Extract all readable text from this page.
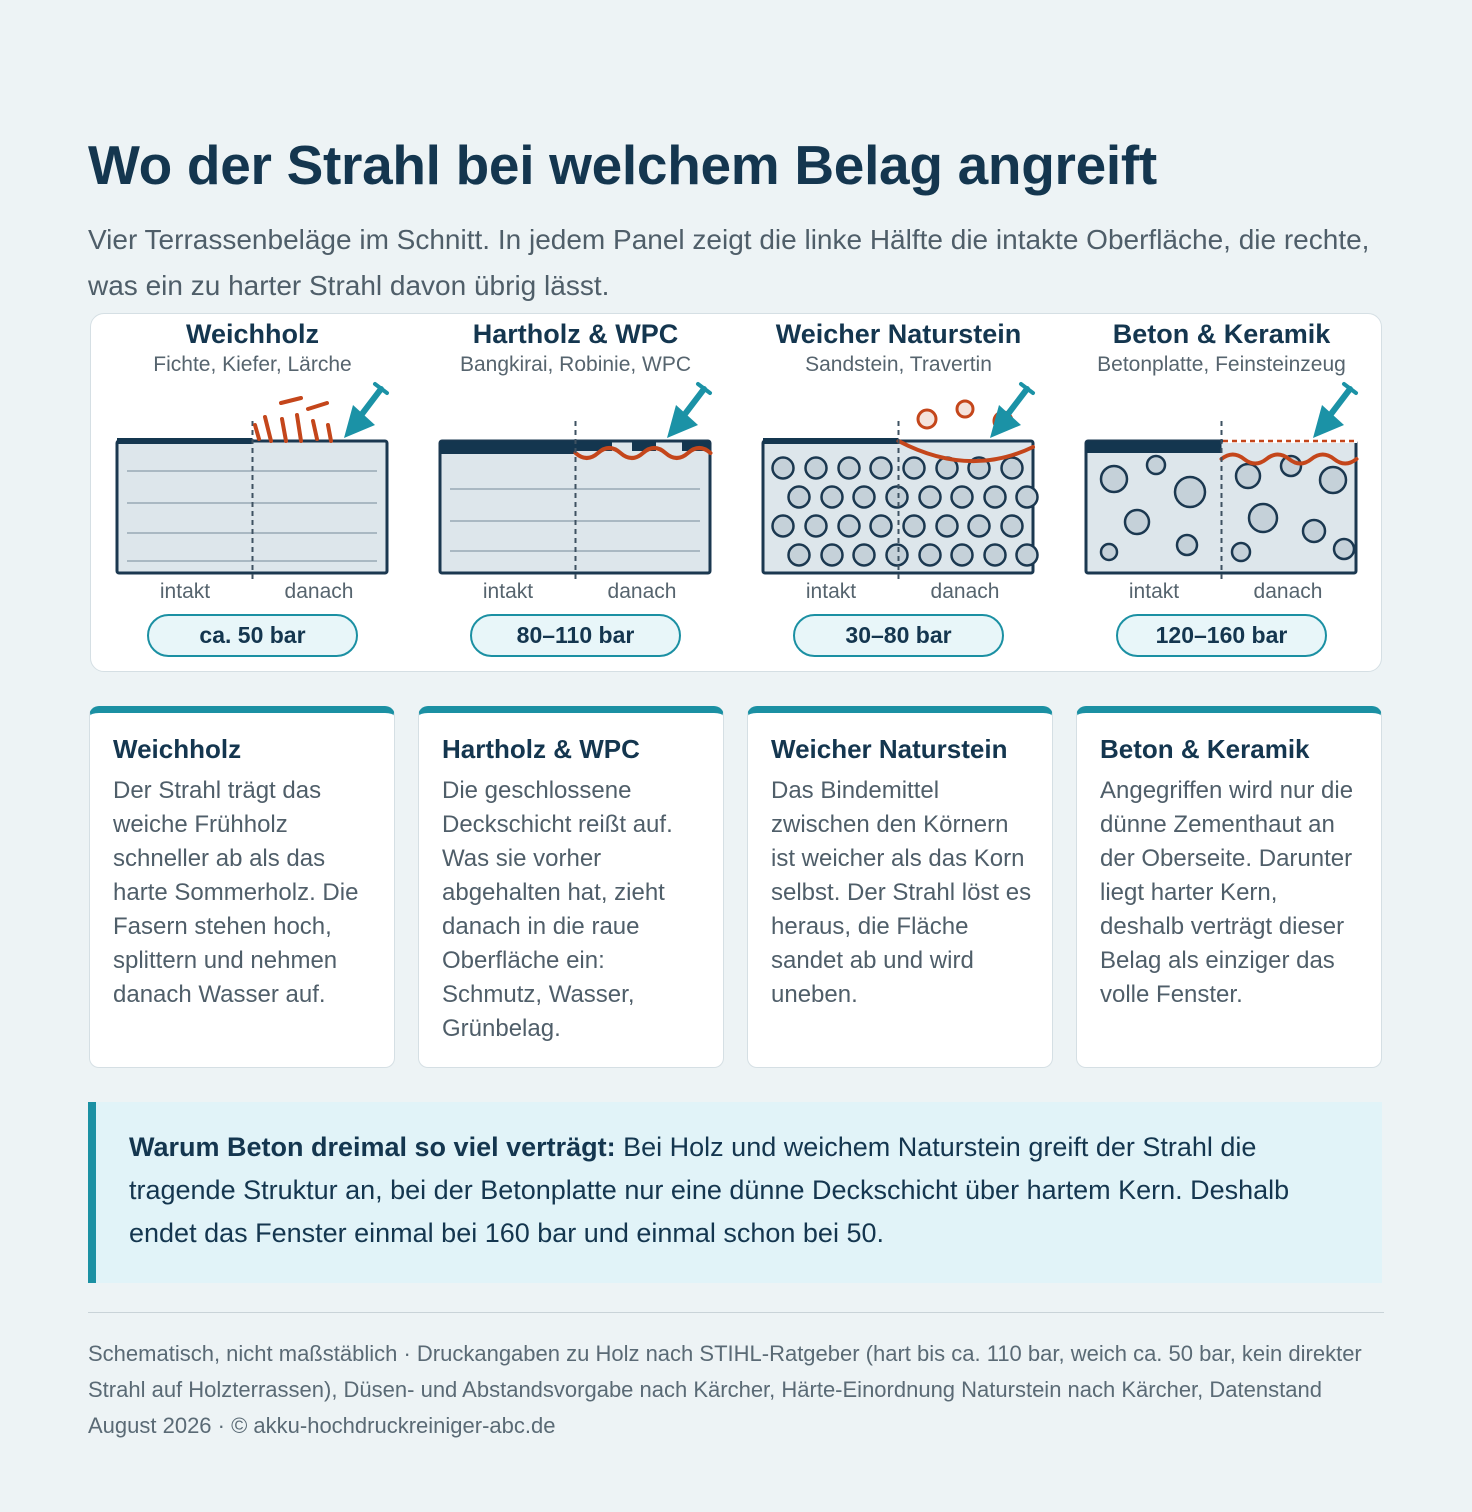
Wo der Strahl bei welchem Belag angreift

Vier Terrassenbeläge im Schnitt. In jedem Panel zeigt die linke Hälfte die intakte Oberfläche, die rechte, was ein zu harter Strahl davon übrig lässt.

Weichholz
Fichte, Kiefer, Lärche
intakt	danach
ca. 50 bar
Hartholz & WPC
Bangkirai, Robinie, WPC
intakt	danach
80–110 bar
Weicher Naturstein
Sandstein, Travertin
intakt	danach
30–80 bar
Beton & Keramik
Betonplatte, Feinsteinzeug
intakt	danach
120–160 bar
Weichholz
Der Strahl trägt das weiche Frühholz schneller ab als das harte Sommerholz. Die Fasern stehen hoch, splittern und nehmen danach Wasser auf.
Hartholz & WPC
Die geschlossene Deckschicht reißt auf. Was sie vorher abgehalten hat, zieht danach in die raue Oberfläche ein: Schmutz, Wasser, Grünbelag.
Weicher Naturstein
Das Bindemittel zwischen den Körnern ist weicher als das Korn selbst. Der Strahl löst es heraus, die Fläche sandet ab und wird uneben.
Beton & Keramik
Angegriffen wird nur die dünne Zementhaut an der Oberseite. Darunter liegt harter Kern, deshalb verträgt dieser Belag als einziger das volle Fenster.
Warum Beton dreimal so viel verträgt: Bei Holz und weichem Naturstein greift der Strahl die tragende Struktur an, bei der Betonplatte nur eine dünne Deckschicht über hartem Kern. Deshalb endet das Fenster einmal bei 160 bar und einmal schon bei 50.
Schematisch, nicht maßstäblich · Druckangaben zu Holz nach STIHL-Ratgeber (hart bis ca. 110 bar, weich ca. 50 bar, kein direkter Strahl auf Holzterrassen), Düsen- und Abstandsvorgabe nach Kärcher, Härte-Einordnung Naturstein nach Kärcher, Datenstand August 2026 · © akku-hochdruckreiniger-abc.de
